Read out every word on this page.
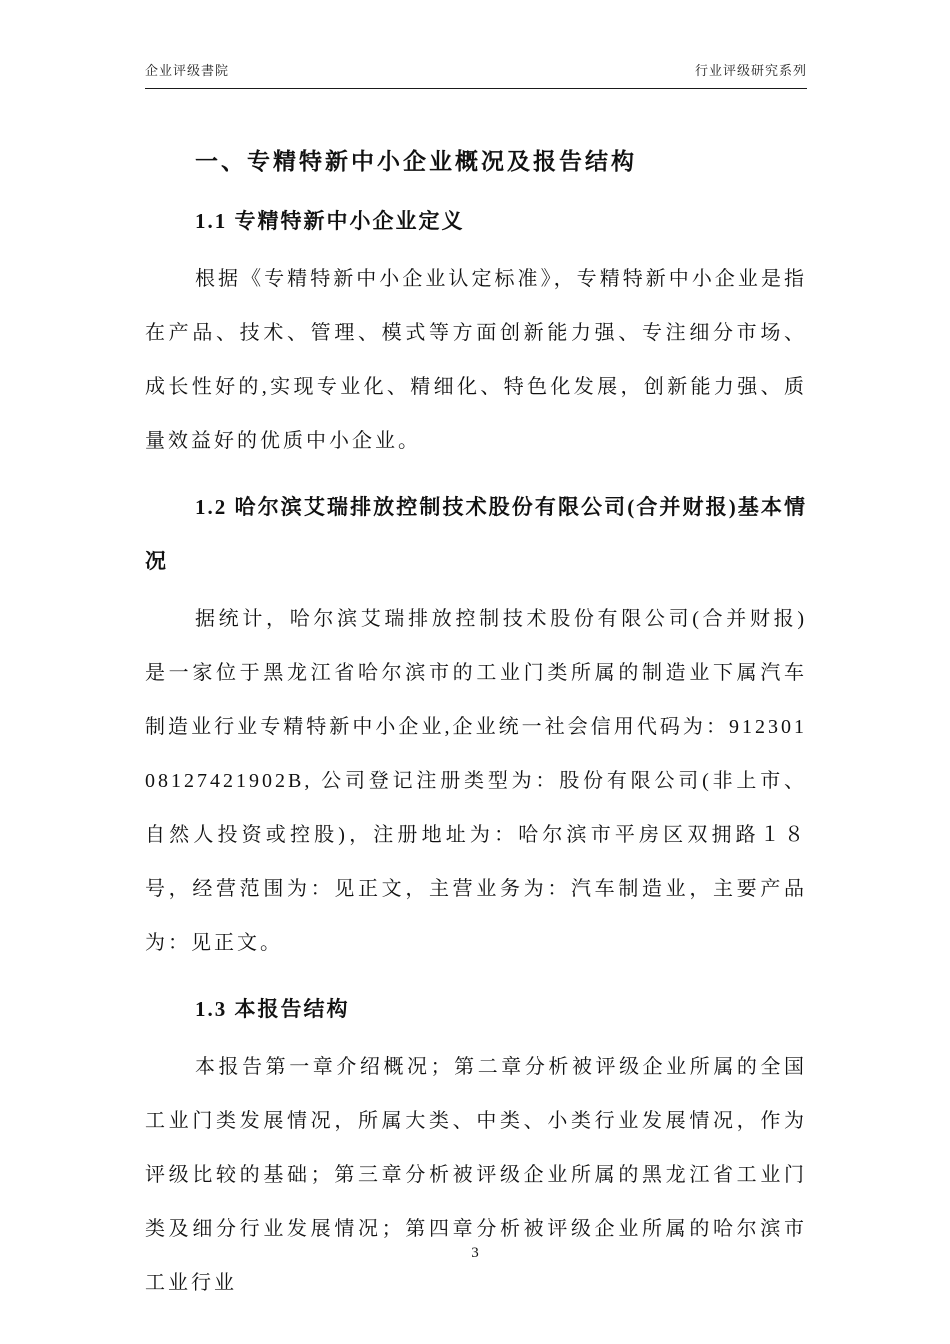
企业评级書院	行业评级研究系列
一、专精特新中小企业概况及报告结构
1.1 专精特新中小企业定义

根据《专精特新中小企业认定标准》，专精特新中小企业是指在产品、技术、管理、模式等方面创新能力强、专注细分市场、成长性好的,实现专业化、精细化、特色化发展，创新能力强、质量效益好的优质中小企业。

1.2 哈尔滨艾瑞排放控制技术股份有限公司(合并财报)基本情况

据统计，哈尔滨艾瑞排放控制技术股份有限公司(合并财报)是一家位于黑龙江省哈尔滨市的工业门类所属的制造业下属汽车制造业行业专精特新中小企业,企业统一社会信用代码为：91230108127421902B, 公司登记注册类型为：股份有限公司(非上市、自然人投资或控股)，注册地址为：哈尔滨市平房区双拥路１８号，经营范围为：见正文，主营业务为：汽车制造业，主要产品为：见正文。

1.3 本报告结构

本报告第一章介绍概况；第二章分析被评级企业所属的全国工业门类发展情况，所属大类、中类、小类行业发展情况，作为评级比较的基础；第三章分析被评级企业所属的黑龙江省工业门类及细分行业发展情况；第四章分析被评级企业所属的哈尔滨市工业行业

3
